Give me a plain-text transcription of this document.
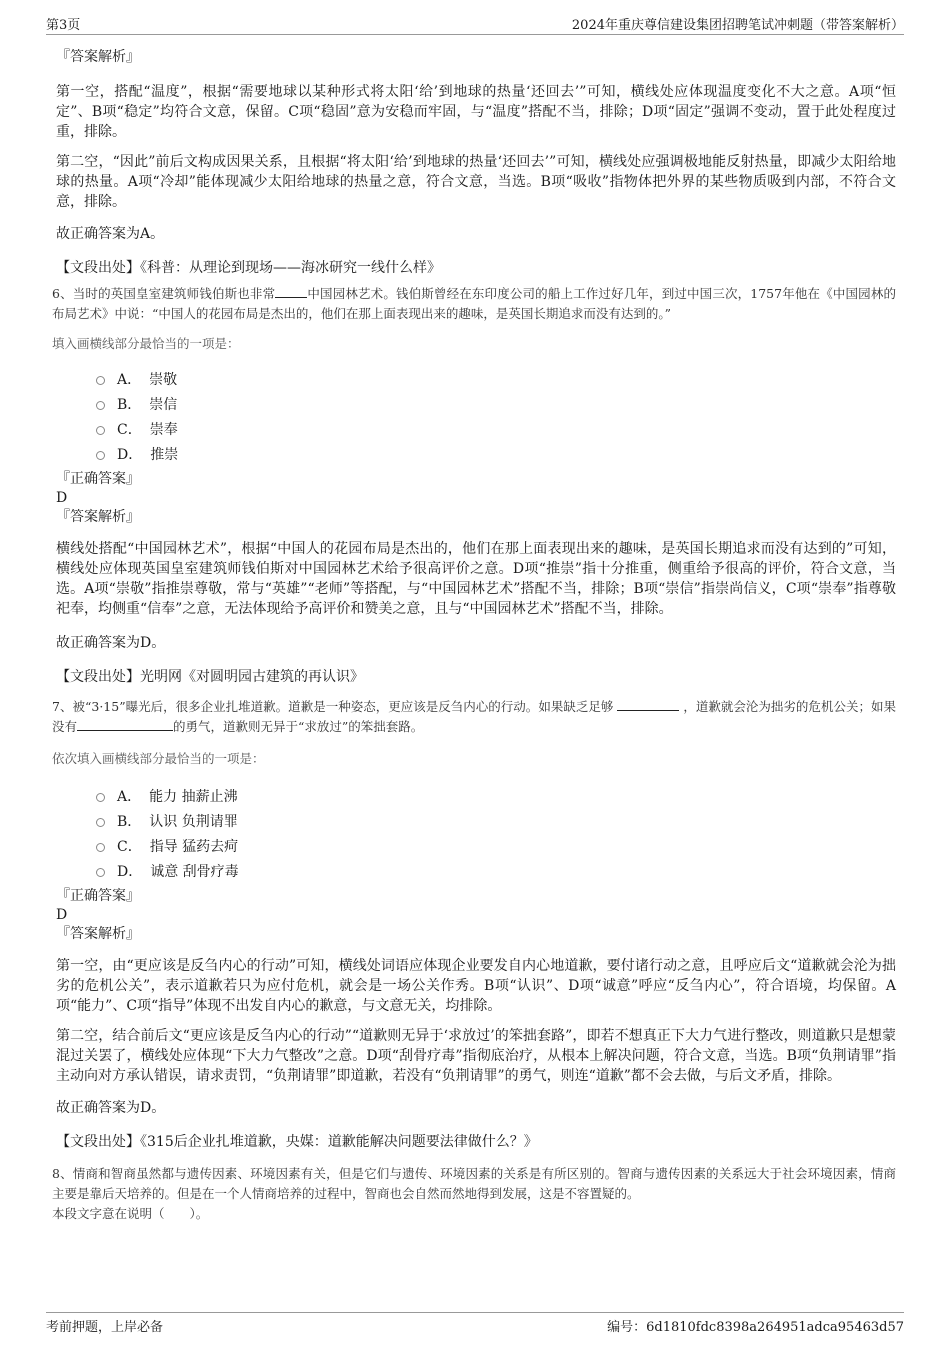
第3页	2024年重庆尊信建设集团招聘笔试冲刺题（带答案解析）

『答案解析』

第一空，搭配“温度”，根据“需要地球以某种形式将太阳‘给’到地球的热量‘还回去’”可知，横线处应体现温度变化不大之意。A项“恒定”、B项“稳定”均符合文意，保留。C项“稳固”意为安稳而牢固，与“温度”搭配不当，排除；D项“固定”强调不变动，置于此处程度过重，排除。

第二空，“因此”前后文构成因果关系，且根据“将太阳‘给’到地球的热量‘还回去’”可知，横线处应强调极地能反射热量，即减少太阳给地球的热量。A项“冷却”能体现减少太阳给地球的热量之意，符合文意，当选。B项“吸收”指物体把外界的某些物质吸到内部，不符合文意，排除。

故正确答案为A。

【文段出处】《科普：从理论到现场——海冰研究一线什么样》

6、当时的英国皇室建筑师钱伯斯也非常	中国园林艺术。钱伯斯曾经在东印度公司的船上工作过好几年，到过中国三次，1757年他在《中国园林的布局艺术》中说：“中国人的花园布局是杰出的，他们在那上面表现出来的趣味，是英国长期追求而没有达到的。”

填入画横线部分最恰当的一项是：

A． 崇敬
B． 崇信
C． 崇奉
D． 推崇

『正确答案』

D

『答案解析』

横线处搭配“中国园林艺术”，根据“中国人的花园布局是杰出的，他们在那上面表现出来的趣味，是英国长期追求而没有达到的”可知，横线处应体现英国皇室建筑师钱伯斯对中国园林艺术给予很高评价之意。D项“推崇”指十分推重，侧重给予很高的评价，符合文意，当选。A项“崇敬”指推崇尊敬，常与“英雄”“老师”等搭配，与“中国园林艺术”搭配不当，排除；B项“崇信”指崇尚信义，C项“崇奉”指尊敬祀奉，均侧重“信奉”之意，无法体现给予高评价和赞美之意，且与“中国园林艺术”搭配不当，排除。

故正确答案为D。

【文段出处】光明网《对圆明园古建筑的再认识》

7、被“3·15”曝光后，很多企业扎堆道歉。道歉是一种姿态，更应该是反刍内心的行动。如果缺乏足够	，道歉就会沦为拙劣的危机公关；如果没有	的勇气，道歉则无异于“求放过”的笨拙套路。

依次填入画横线部分最恰当的一项是：

A． 能力 抽薪止沸
B． 认识 负荆请罪
C． 指导 猛药去疴
D． 诚意 刮骨疗毒

『正确答案』

D

『答案解析』

第一空，由“更应该是反刍内心的行动”可知，横线处词语应体现企业要发自内心地道歉，要付诸行动之意，且呼应后文“道歉就会沦为拙劣的危机公关”，表示道歉若只为应付危机，就会是一场公关作秀。B项“认识”、D项“诚意”呼应“反刍内心”，符合语境，均保留。A项“能力”、C项“指导”体现不出发自内心的歉意，与文意无关，均排除。

第二空，结合前后文“更应该是反刍内心的行动”“道歉则无异于‘求放过’的笨拙套路”，即若不想真正下大力气进行整改，则道歉只是想蒙混过关罢了，横线处应体现“下大力气整改”之意。D项“刮骨疗毒”指彻底治疗，从根本上解决问题，符合文意，当选。B项“负荆请罪”指主动向对方承认错误，请求责罚，“负荆请罪”即道歉，若没有“负荆请罪”的勇气，则连“道歉”都不会去做，与后文矛盾，排除。

故正确答案为D。

【文段出处】《315后企业扎堆道歉，央媒：道歉能解决问题要法律做什么？》

8、情商和智商虽然都与遗传因素、环境因素有关，但是它们与遗传、环境因素的关系是有所区别的。智商与遗传因素的关系远大于社会环境因素，情商主要是靠后天培养的。但是在一个人情商培养的过程中，智商也会自然而然地得到发展，这是不容置疑的。

本段文字意在说明（　　）。

考前押题，上岸必备	编号：6d1810fdc8398a264951adca95463d57
